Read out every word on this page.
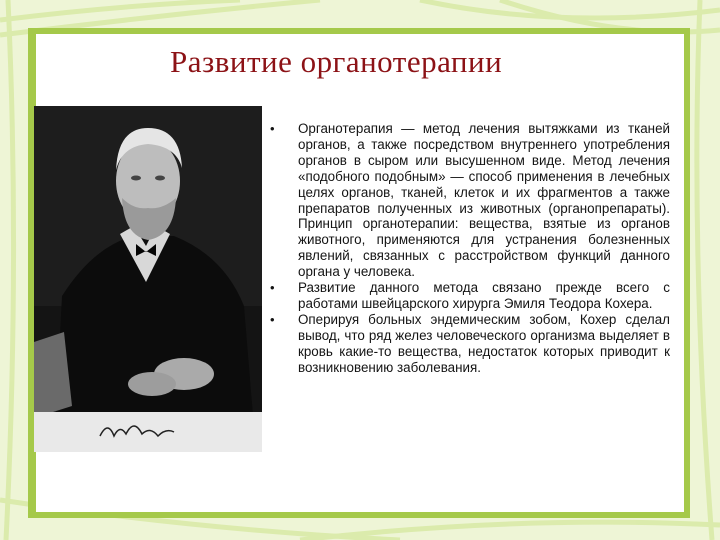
Развитие органотерапии
• Органотерапия — метод лечения вытяжками из тканей органов, а также посредством внутреннего употребления органов в сыром или высушенном виде. Метод лечения «подобного подобным» — способ применения в лечебных целях органов, тканей, клеток и их фрагментов а также препаратов полученных из животных (органопрепараты). Принцип органотерапии: вещества, взятые из органов животного, применяются для устранения болезненных явлений, связанных с расстройством функций данного органа у человека.
• Развитие данного метода связано прежде всего с работами швейцарского хирурга Эмиля Теодора Кохера.
• Оперируя больных эндемическим зобом, Кохер сделал вывод, что ряд желез человеческого организма выделяет в кровь какие-то вещества, недостаток которых приводит к возникновению заболевания.
